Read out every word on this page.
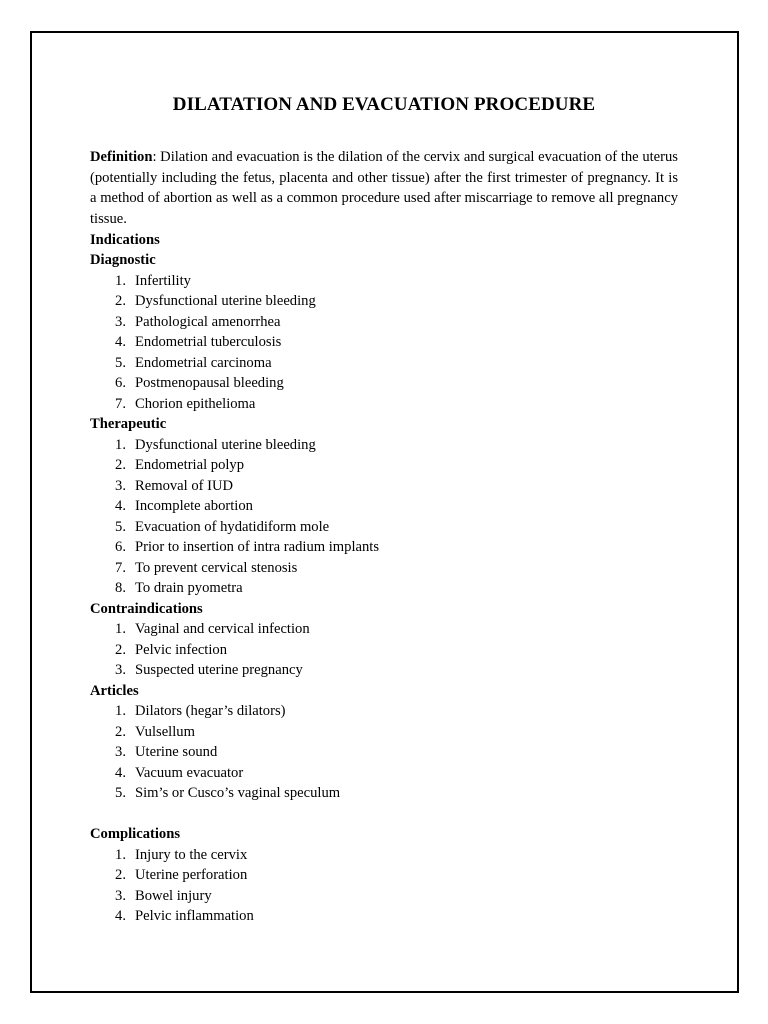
DILATATION AND EVACUATION PROCEDURE

Definition: Dilation and evacuation is the dilation of the cervix and surgical evacuation of the uterus (potentially including the fetus, placenta and other tissue) after the first trimester of pregnancy. It is a method of abortion as well as a common procedure used after miscarriage to remove all pregnancy tissue.

Indications
Diagnostic
1. Infertility
2. Dysfunctional uterine bleeding
3. Pathological amenorrhea
4. Endometrial tuberculosis
5. Endometrial carcinoma
6. Postmenopausal bleeding
7. Chorion epithelioma
Therapeutic
1. Dysfunctional uterine bleeding
2. Endometrial polyp
3. Removal of IUD
4. Incomplete abortion
5. Evacuation of hydatidiform mole
6. Prior to insertion of intra radium implants
7. To prevent cervical stenosis
8. To drain pyometra
Contraindications
1. Vaginal and cervical infection
2. Pelvic infection
3. Suspected uterine pregnancy
Articles
1. Dilators (hegar’s dilators)
2. Vulsellum
3. Uterine sound
4. Vacuum evacuator
5. Sim’s or Cusco’s vaginal speculum
Complications
1. Injury to the cervix
2. Uterine perforation
3. Bowel injury
4. Pelvic inflammation
